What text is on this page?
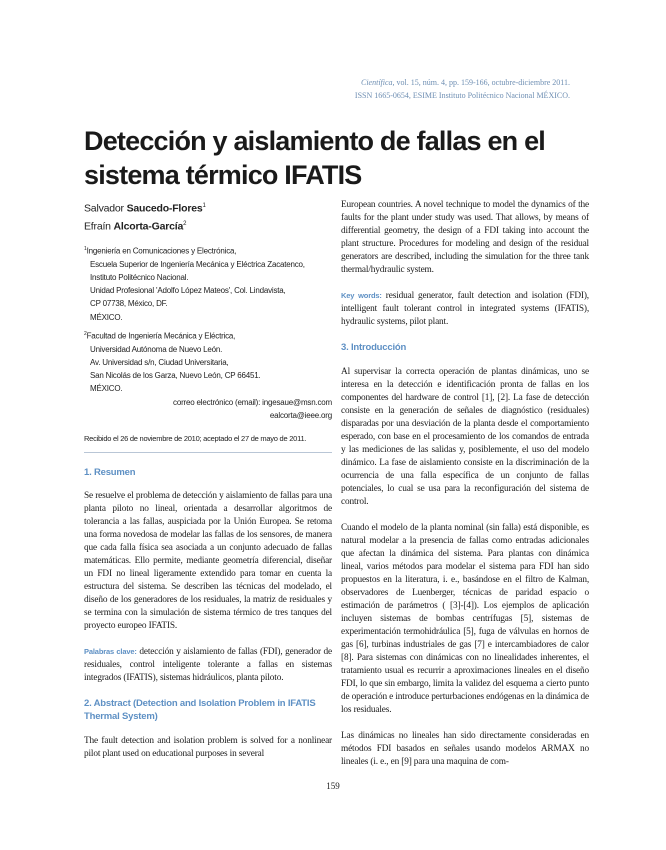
Científica, vol. 15, núm. 4, pp. 159-166, octubre-diciembre 2011.
ISSN 1665-0654, ESIME Instituto Politécnico Nacional MÉXICO.
Detección y aislamiento de fallas en el
sistema térmico IFATIS
Salvador Saucedo-Flores$^1$
Efraín Alcorta-García$^2$
$^1$Ingeniería en Comunicaciones y Electrónica,
Escuela Superior de Ingeniería Mecánica y Eléctrica Zacatenco,
Instituto Politécnico Nacional.
Unidad Profesional 'Adolfo López Mateos', Col. Lindavista,
CP 07738, México, DF.
MÉXICO.
$^2$Facultad de Ingeniería Mecánica y Eléctrica,
Universidad Autónoma de Nuevo León.
Av. Universidad s/n, Ciudad Universitaria,
San Nicolás de los Garza, Nuevo León, CP 66451.
MÉXICO.
correo electrónico (email): ingesaue@msn.com
ealcorta@ieee.org
Recibido el 26 de noviembre de 2010; aceptado el 27 de mayo de 2011.
1. Resumen

Se resuelve el problema de detección y aislamiento de fallas para una planta piloto no lineal, orientada a desarrollar algoritmos de tolerancia a las fallas, auspiciada por la Unión Europea. Se retoma una forma novedosa de modelar las fallas de los sensores, de manera que cada falla física sea asociada a un conjunto adecuado de fallas matemáticas. Ello permite, mediante geometría diferencial, diseñar un FDI no lineal ligeramente extendido para tomar en cuenta la estructura del sistema. Se describen las técnicas del modelado, el diseño de los generadores de los residuales, la matriz de residuales y se termina con la simulación de sistema térmico de tres tanques del proyecto europeo IFATIS.

Palabras clave: detección y aislamiento de fallas (FDI), generador de residuales, control inteligente tolerante a fallas en sistemas integrados (IFATIS), sistemas hidráulicos, planta piloto.

2. Abstract (Detection and Isolation Problem in IFATIS Thermal System)

The fault detection and isolation problem is solved for a nonlinear pilot plant used on educational purposes in several

European countries. A novel technique to model the dynamics of the faults for the plant under study was used. That allows, by means of differential geometry, the design of a FDI taking into account the plant structure. Procedures for modeling and design of the residual generators are described, including the simulation for the three tank thermal/hydraulic system.

Key words: residual generator, fault detection and isolation (FDI), intelligent fault tolerant control in integrated systems (IFATIS), hydraulic systems, pilot plant.

3. Introducción

Al supervisar la correcta operación de plantas dinámicas, uno se interesa en la detección e identificación pronta de fallas en los componentes del hardware de control [1], [2]. La fase de detección consiste en la generación de señales de diagnóstico (residuales) disparadas por una desviación de la planta desde el comportamiento esperado, con base en el procesamiento de los comandos de entrada y las mediciones de las salidas y, posiblemente, el uso del modelo dinámico. La fase de aislamiento consiste en la discriminación de la ocurrencia de una falla específica de un conjunto de fallas potenciales, lo cual se usa para la reconfiguración del sistema de control.

Cuando el modelo de la planta nominal (sin falla) está disponible, es natural modelar a la presencia de fallas como entradas adicionales que afectan la dinámica del sistema. Para plantas con dinámica lineal, varios métodos para modelar el sistema para FDI han sido propuestos en la literatura, i. e., basándose en el filtro de Kalman, observadores de Luenberger, técnicas de paridad espacio o estimación de parámetros ( [3]-[4]). Los ejemplos de aplicación incluyen sistemas de bombas centrífugas [5], sistemas de experimentación termohidráulica [5], fuga de válvulas en hornos de gas [6], turbinas industriales de gas [7] e intercambiadores de calor [8]. Para sistemas con dinámicas con no linealidades inherentes, el tratamiento usual es recurrir a aproximaciones lineales en el diseño FDI, lo que sin embargo, limita la validez del esquema a cierto punto de operación e introduce perturbaciones endógenas en la dinámica de los residuales.

Las dinámicas no lineales han sido directamente consideradas en métodos FDI basados en señales usando modelos ARMAX no lineales (i. e., en [9] para una maquina de com-

159
